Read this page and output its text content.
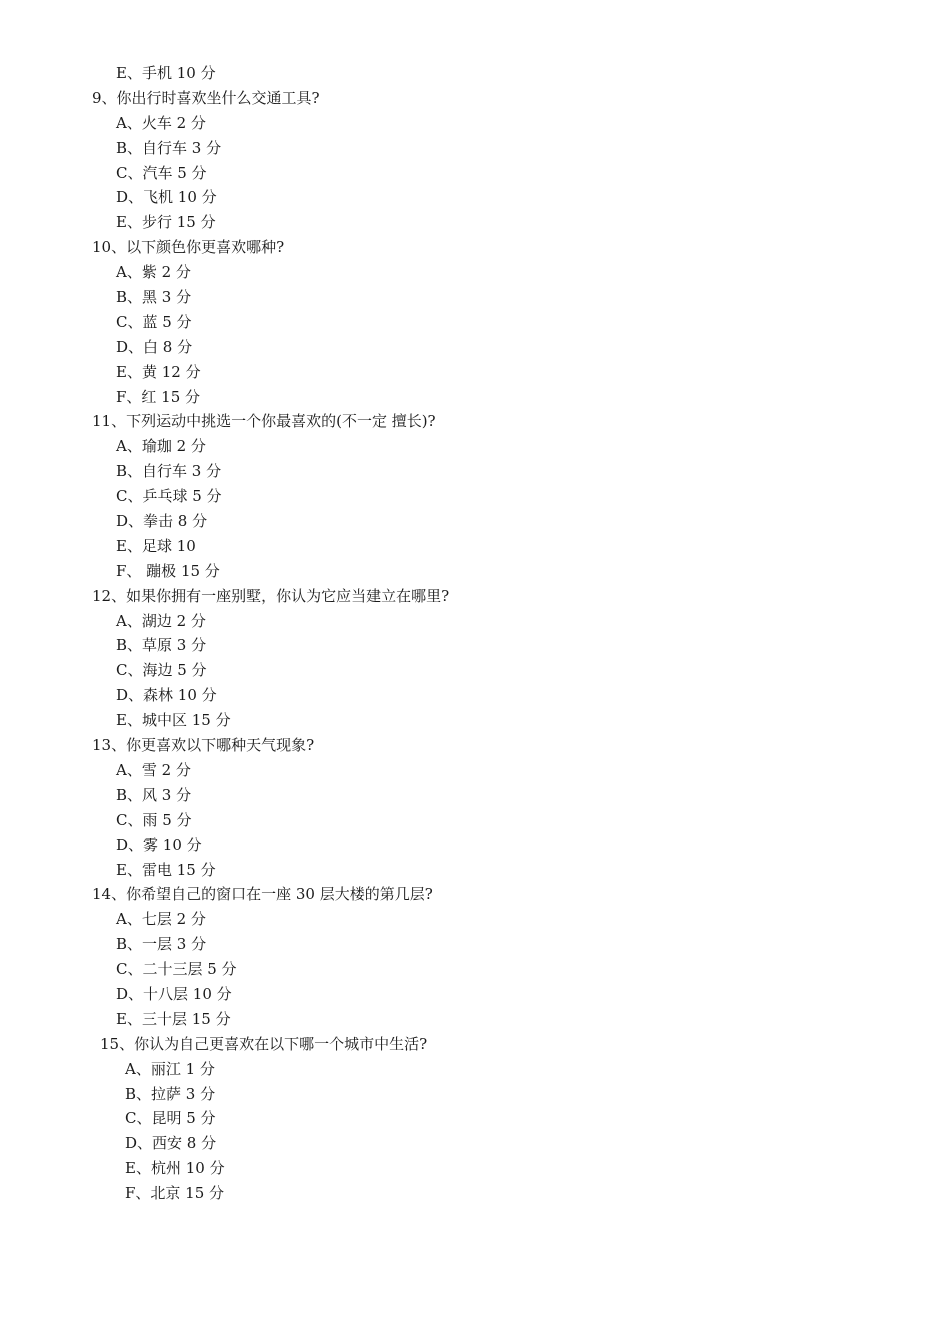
E、手机 10 分
9、你出行时喜欢坐什么交通工具?
A、火车 2 分
B、自行车 3 分
C、汽车 5 分
D、飞机 10 分
E、步行 15 分
10、以下颜色你更喜欢哪种?
A、紫 2 分
B、黑 3 分
C、蓝 5 分
D、白 8 分
E、黄 12 分
F、红 15 分
11、下列运动中挑选一个你最喜欢的(不一定 擅长)?
A、瑜珈 2 分
B、自行车 3 分
C、乒乓球 5 分
D、拳击 8 分
E、足球 10
F、 蹦极 15 分
12、如果你拥有一座别墅，你认为它应当建立在哪里?
A、湖边 2 分
B、草原 3 分
C、海边 5 分
D、森林 10 分
E、城中区 15 分
13、你更喜欢以下哪种天气现象?
A、雪 2 分
B、风 3 分
C、雨 5 分
D、雾 10 分
E、雷电 15 分
14、你希望自己的窗口在一座 30 层大楼的第几层?
A、七层 2 分
B、一层 3 分
C、二十三层 5 分
D、十八层 10 分
E、三十层 15 分
15、你认为自己更喜欢在以下哪一个城市中生活?
A、丽江 1 分
B、拉萨 3 分
C、昆明 5 分
D、西安 8 分
E、杭州 10 分
F、北京 15 分
